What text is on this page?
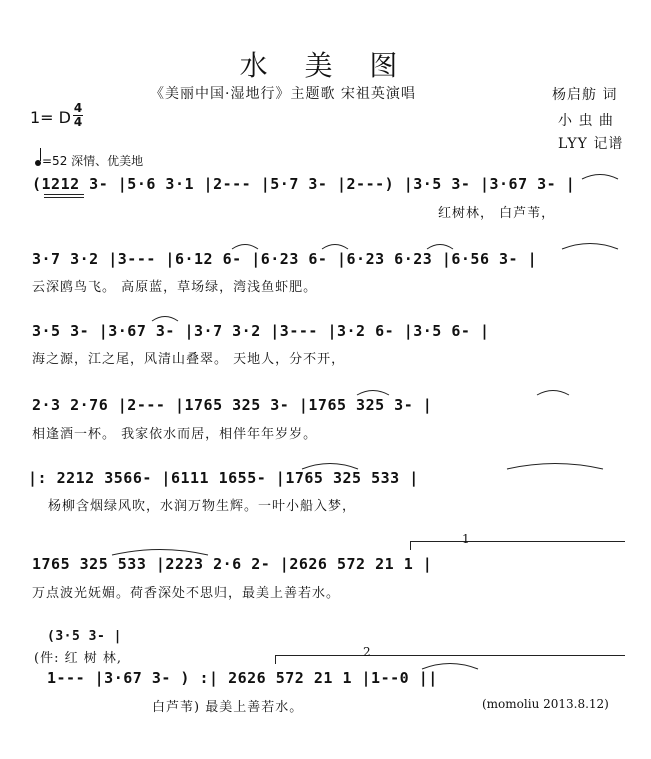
水 美 图
《美丽中国·湿地行》主题歌 宋祖英演唱	杨启舫 词
小 虫 曲
LYY 记谱
1= D 4
4
=52 深情、优美地
(1212 3- |5·6 3·1 |2--- |5·7 3- |2---) |3·5 3- |3·67 3- |
红树林， 白芦苇，
3·7 3·2 |3--- |6·12 6- |6·23 6- |6·23 6·23 |6·56 3- |
云深鸥鸟飞。 高原蓝，草场绿，湾浅鱼虾肥。
3·5 3- |3·67 3- |3·7 3·2 |3--- |3·2 6- |3·5 6- |
海之源，江之尾，风清山叠翠。 天地人，分不开，
2·3 2·76 |2--- |1765 325 3- |1765 325 3- |
相逢酒一杯。 我家依水而居，相伴年年岁岁。
|: 2212 3566- |6111 1655- |1765 325 533 |
杨柳含烟绿风吹，水润万物生辉。一叶小船入梦，
1765 325 533 |2223 2·6 2- |2626 572 21 1 |
万点波光妩媚。荷香深处不思归，最美上善若水。
1
(3·5 3- |
(件: 红 树 林,
1--- |3·67 3- ) :| 2626 572 21 1 |1--0 ||
白芦苇) 最美上善若水。
2
(momoliu 2013.8.12)
